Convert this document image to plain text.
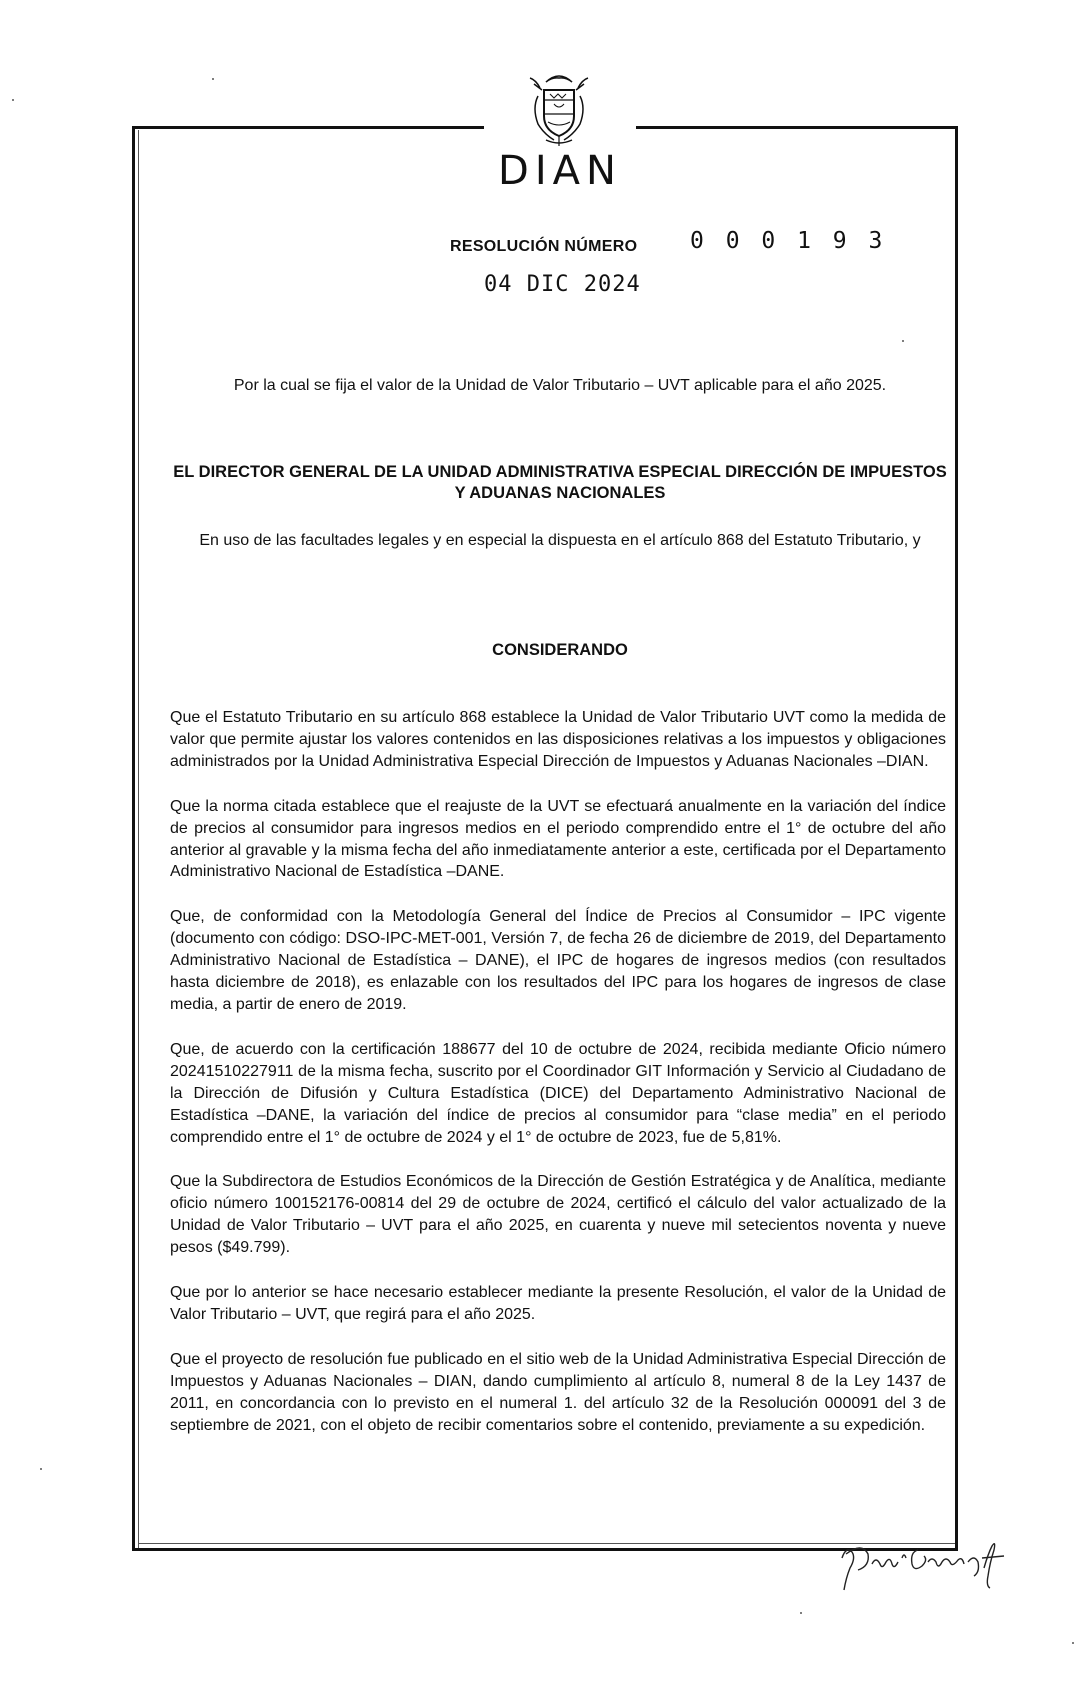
DIAN
RESOLUCIÓN NÚMERO 0 0 0 1 9 3
04 DIC 2024
Por la cual se fija el valor de la Unidad de Valor Tributario – UVT aplicable para el año 2025.
EL DIRECTOR GENERAL DE LA UNIDAD ADMINISTRATIVA ESPECIAL DIRECCIÓN DE IMPUESTOS Y ADUANAS NACIONALES
En uso de las facultades legales y en especial la dispuesta en el artículo 868 del Estatuto Tributario, y
CONSIDERANDO

Que el Estatuto Tributario en su artículo 868 establece la Unidad de Valor Tributario UVT como la medida de valor que permite ajustar los valores contenidos en las disposiciones relativas a los impuestos y obligaciones administrados por la Unidad Administrativa Especial Dirección de Impuestos y Aduanas Nacionales –DIAN.

Que la norma citada establece que el reajuste de la UVT se efectuará anualmente en la variación del índice de precios al consumidor para ingresos medios en el periodo comprendido entre el 1° de octubre del año anterior al gravable y la misma fecha del año inmediatamente anterior a este, certificada por el Departamento Administrativo Nacional de Estadística –DANE.

Que, de conformidad con la Metodología General del Índice de Precios al Consumidor – IPC vigente (documento con código: DSO-IPC-MET-001, Versión 7, de fecha 26 de diciembre de 2019, del Departamento Administrativo Nacional de Estadística – DANE), el IPC de hogares de ingresos medios (con resultados hasta diciembre de 2018), es enlazable con los resultados del IPC para los hogares de ingresos de clase media, a partir de enero de 2019.

Que, de acuerdo con la certificación 188677 del 10 de octubre de 2024, recibida mediante Oficio número 20241510227911 de la misma fecha, suscrito por el Coordinador GIT Información y Servicio al Ciudadano de la Dirección de Difusión y Cultura Estadística (DICE) del Departamento Administrativo Nacional de Estadística –DANE, la variación del índice de precios al consumidor para “clase media” en el periodo comprendido entre el 1° de octubre de 2024 y el 1° de octubre de 2023, fue de 5,81%.

Que la Subdirectora de Estudios Económicos de la Dirección de Gestión Estratégica y de Analítica, mediante oficio número 100152176-00814 del 29 de octubre de 2024, certificó el cálculo del valor actualizado de la Unidad de Valor Tributario – UVT para el año 2025, en cuarenta y nueve mil setecientos noventa y nueve pesos ($49.799).

Que por lo anterior se hace necesario establecer mediante la presente Resolución, el valor de la Unidad de Valor Tributario – UVT, que regirá para el año 2025.

Que el proyecto de resolución fue publicado en el sitio web de la Unidad Administrativa Especial Dirección de Impuestos y Aduanas Nacionales – DIAN, dando cumplimiento al artículo 8, numeral 8 de la Ley 1437 de 2011, en concordancia con lo previsto en el numeral 1. del artículo 32 de la Resolución 000091 del 3 de septiembre de 2021, con el objeto de recibir comentarios sobre el contenido, previamente a su expedición.
